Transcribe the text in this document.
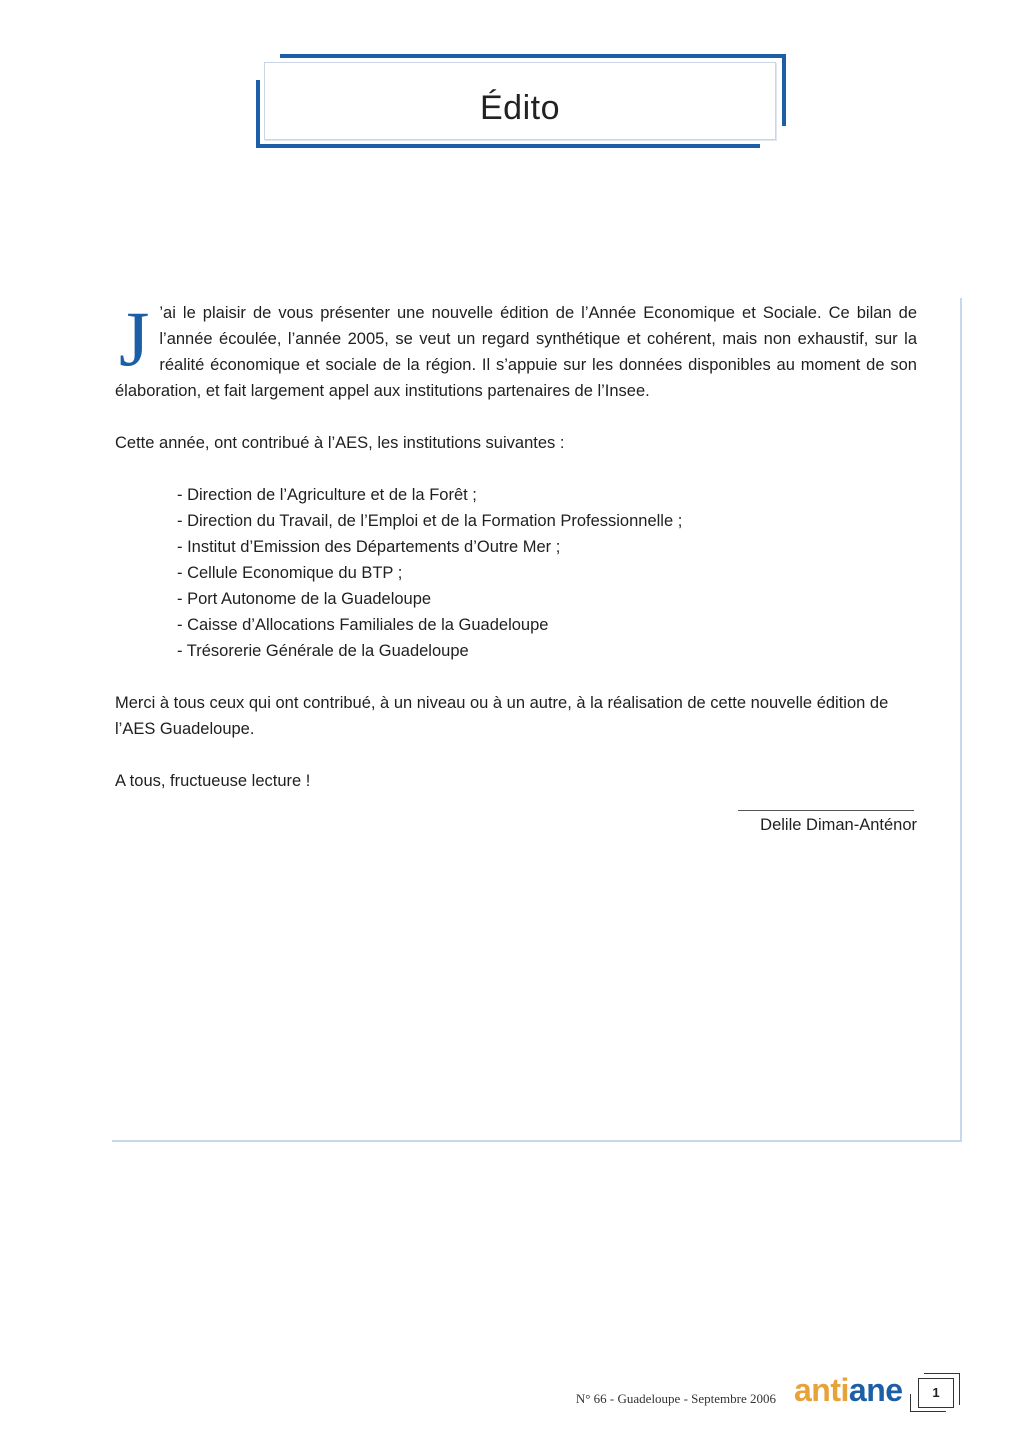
Édito

J ’ai le plaisir de vous présenter une nouvelle édition de l’Année Economique et Sociale. Ce bilan de l’année écoulée, l’année 2005, se veut un regard synthétique et cohérent, mais non exhaustif, sur la réalité économique et sociale de la région. Il s’appuie sur les données disponibles au moment de son élaboration, et fait largement appel aux institutions partenaires de l’Insee.

Cette année, ont contribué à l’AES, les institutions suivantes :

- Direction de l’Agriculture et de la Forêt ;
- Direction du Travail, de l’Emploi et de la Formation Professionnelle ;
- Institut d’Emission des Départements d’Outre Mer ;
- Cellule Economique du BTP ;
- Port Autonome de la Guadeloupe
- Caisse d’Allocations Familiales de la Guadeloupe
- Trésorerie Générale de la Guadeloupe

Merci à tous ceux qui ont contribué, à un niveau ou à un autre, à la réalisation de cette nouvelle édition de l’AES Guadeloupe.

A tous, fructueuse lecture !

Delile Diman-Anténor
N° 66 - Guadeloupe - Septembre 2006 antiane	1
